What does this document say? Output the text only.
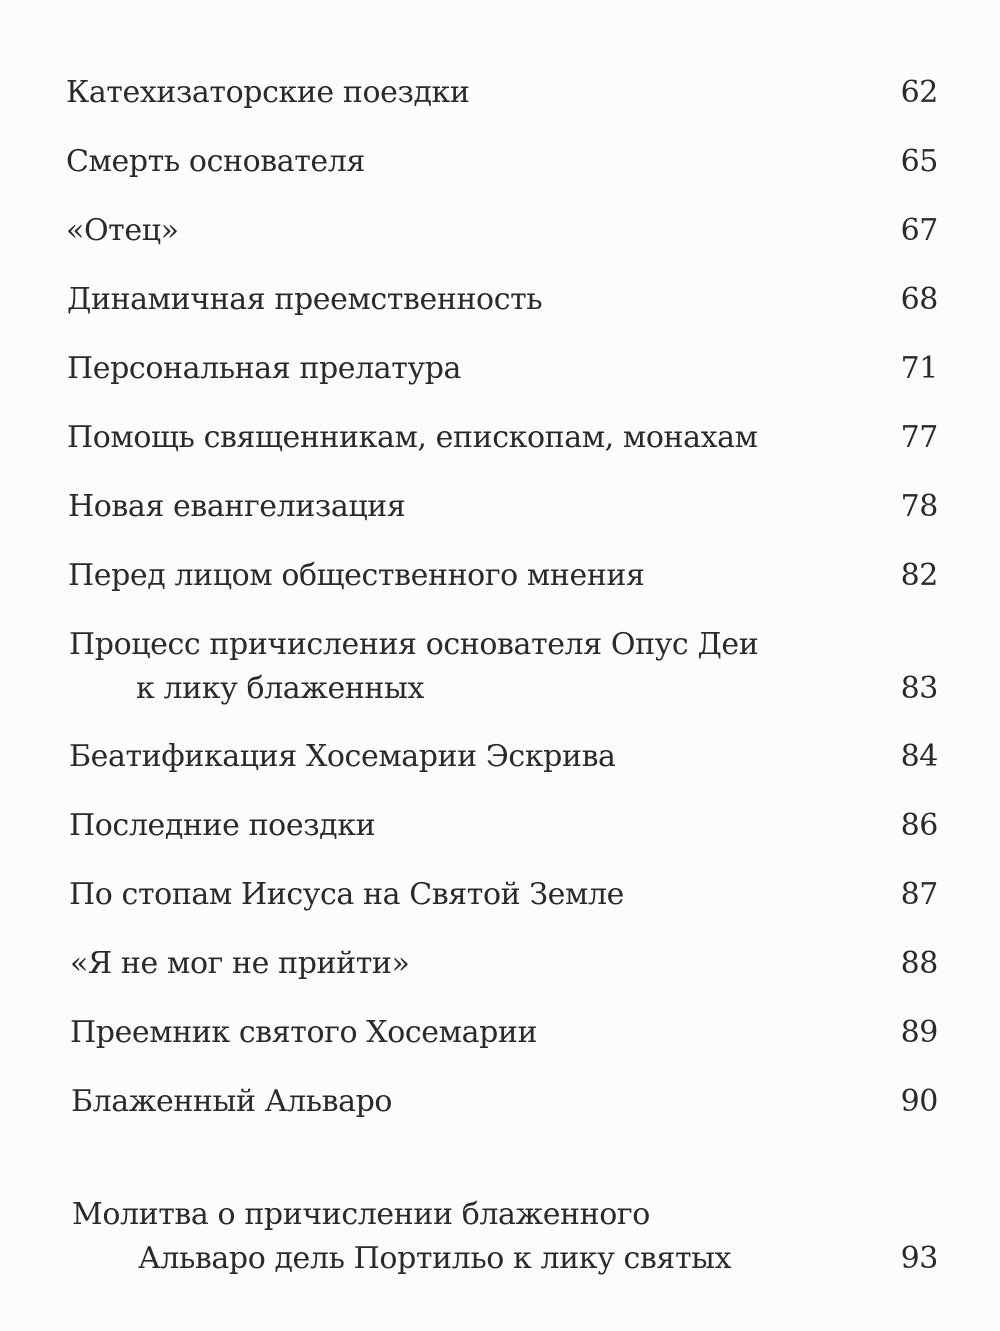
Катехизаторские поездки	62
Смерть основателя	65
«Отец»	67
Динамичная преемственность	68
Персональная прелатура	71
Помощь священникам, епископам, монахам	77
Новая евангелизация	78
Перед лицом общественного мнения	82
Процесс причисления основателя Опус Деи
к лику блаженных	83
Беатификация Хосемарии Эскрива	84
Последние поездки	86
По стопам Иисуса на Святой Земле	87
«Я не мог не прийти»	88
Преемник святого Хосемарии	89
Блаженный Альваро	90
Молитва о причислении блаженного
Альваро дель Портильо к лику святых	93
